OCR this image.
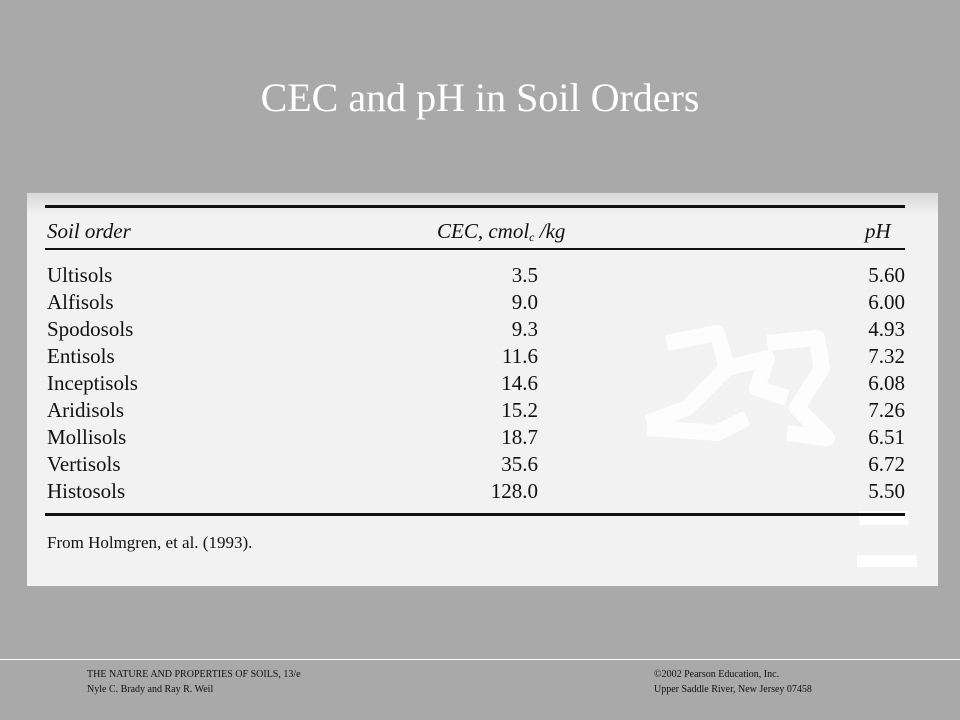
CEC and pH in Soil Orders
Soil order	CEC, cmol$_c$ /kg	pH
Ultisols	3.5	5.60
Alfisols	9.0	6.00
Spodosols	9.3	4.93
Entisols	11.6	7.32
Inceptisols	14.6	6.08
Aridisols	15.2	7.26
Mollisols	18.7	6.51
Vertisols	35.6	6.72
Histosols	128.0	5.50
From Holmgren, et al. (1993).
THE NATURE AND PROPERTIES OF SOILS, 13/e
Nyle C. Brady and Ray R. Weil
©2002 Pearson Education, Inc.
Upper Saddle River, New Jersey 07458
